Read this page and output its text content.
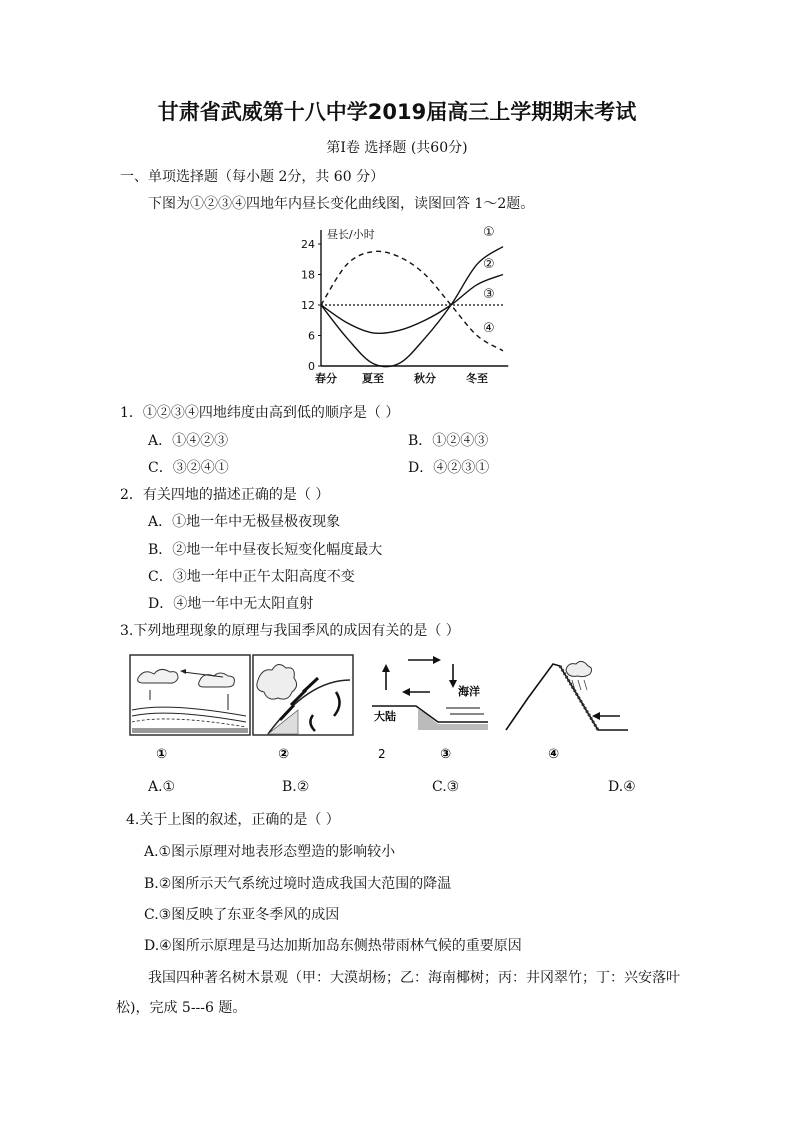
甘肃省武威第十八中学2019届高三上学期期末考试
第Ⅰ卷 选择题 (共60分)
一、单项选择题（每小题 2分，共 60 分）
下图为①②③④四地年内昼长变化曲线图，读图回答 1～2题。
昼长/小时
24
18
12
6
0
春分 夏至	秋分	冬至
①
②
③
④
1．①②③④四地纬度由高到低的顺序是（ ）
A．①④②③	B．①②④③
C．③②④①	D．④②③①
2．有关四地的描述正确的是（ ）
A．①地一年中无极昼极夜现象
B．②地一年中昼夜长短变化幅度最大
C．③地一年中正午太阳高度不变
D．④地一年中无太阳直射
3.下列地理现象的原理与我国季风的成因有关的是（ ）
海洋
大陆
①	②	2	③	④
A.①	B.②	C.③	D.④
4.关于上图的叙述，正确的是（ ）
A.①图示原理对地表形态塑造的影响较小
B.②图所示天气系统过境时造成我国大范围的降温
C.③图反映了东亚冬季风的成因
D.④图所示原理是马达加斯加岛东侧热带雨林气候的重要原因
我国四种著名树木景观（甲：大漠胡杨；乙：海南椰树；丙：井冈翠竹；丁：兴安落叶
松)，完成 5---6 题。
